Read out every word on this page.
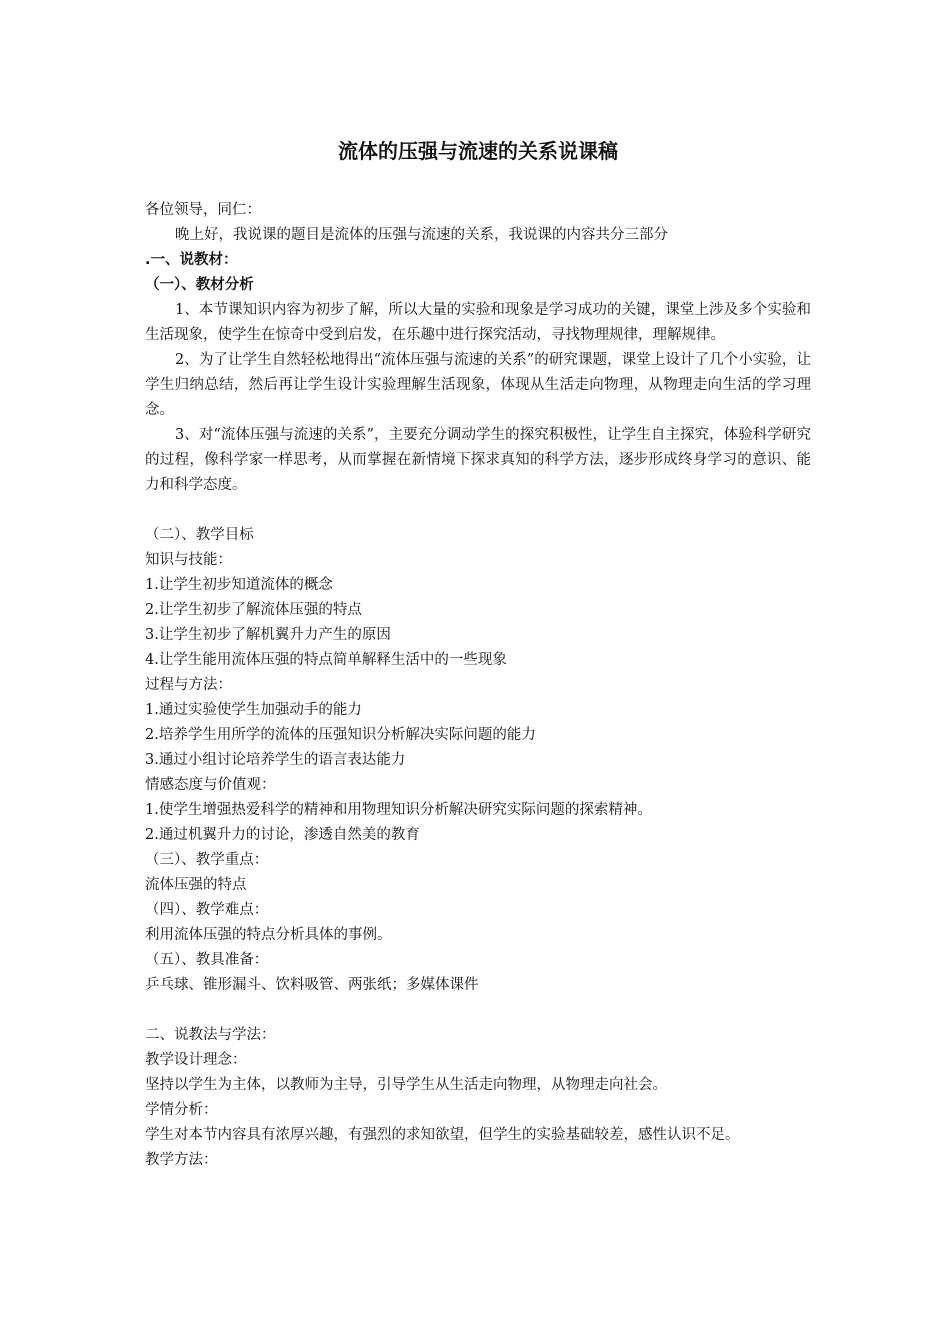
流体的压强与流速的关系说课稿
各位领导，同仁：
晚上好，我说课的题目是流体的压强与流速的关系，我说课的内容共分三部分
.一、说教材：
（一）、教材分析
1、本节课知识内容为初步了解，所以大量的实验和现象是学习成功的关键，课堂上涉及多个实验和生活现象，使学生在惊奇中受到启发，在乐趣中进行探究活动，寻找物理规律，理解规律。
2、为了让学生自然轻松地得出“流体压强与流速的关系”的研究课题，课堂上设计了几个小实验，让学生归纳总结，然后再让学生设计实验理解生活现象，体现从生活走向物理，从物理走向生活的学习理念。
3、对“流体压强与流速的关系”，主要充分调动学生的探究积极性，让学生自主探究，体验科学研究的过程，像科学家一样思考，从而掌握在新情境下探求真知的科学方法，逐步形成终身学习的意识、能力和科学态度。
（二）、教学目标
知识与技能：
1.让学生初步知道流体的概念
2.让学生初步了解流体压强的特点
3.让学生初步了解机翼升力产生的原因
4.让学生能用流体压强的特点简单解释生活中的一些现象
过程与方法：
1.通过实验使学生加强动手的能力
2.培养学生用所学的流体的压强知识分析解决实际问题的能力
3.通过小组讨论培养学生的语言表达能力
情感态度与价值观：
1.使学生增强热爱科学的精神和用物理知识分析解决研究实际问题的探索精神。
2.通过机翼升力的讨论，渗透自然美的教育
（三）、教学重点：
流体压强的特点
（四）、教学难点：
利用流体压强的特点分析具体的事例。
（五）、教具准备：
乒乓球、锥形漏斗、饮料吸管、两张纸；多媒体课件
二、说教法与学法：
教学设计理念：
坚持以学生为主体，以教师为主导，引导学生从生活走向物理，从物理走向社会。
学情分析：
学生对本节内容具有浓厚兴趣，有强烈的求知欲望，但学生的实验基础较差，感性认识不足。
教学方法：
